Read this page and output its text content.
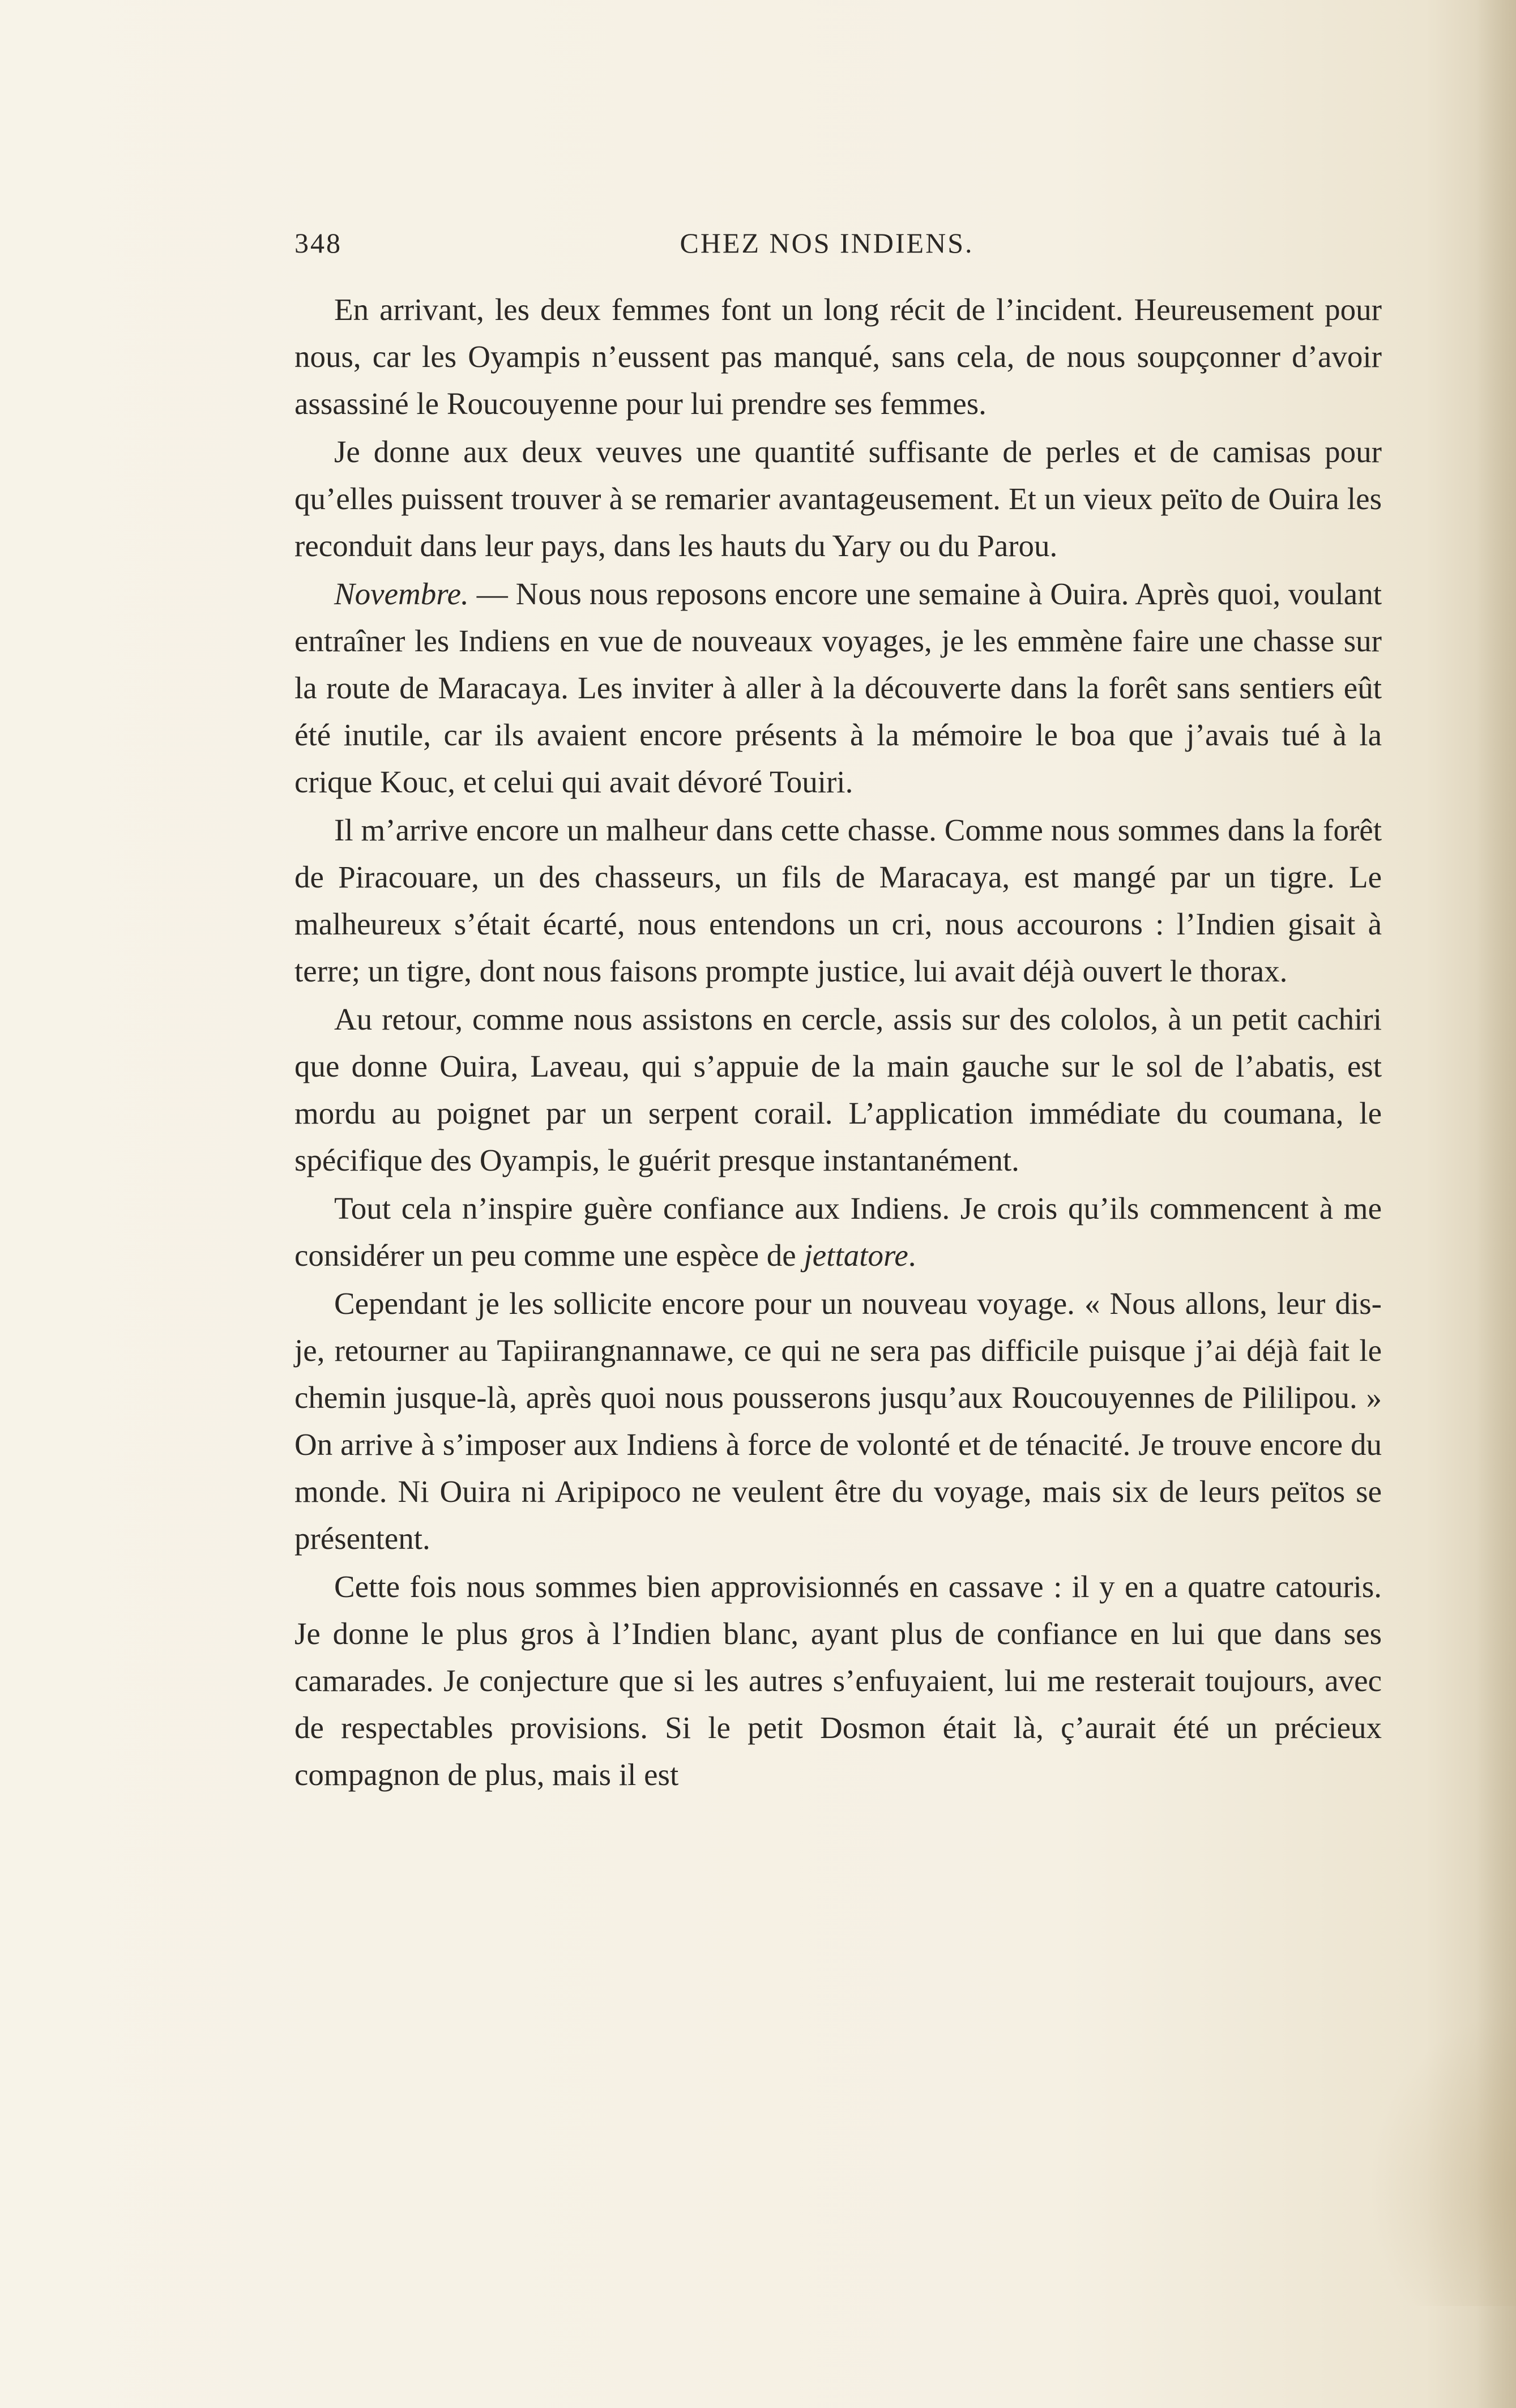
348	CHEZ NOS INDIENS.

En arrivant, les deux femmes font un long récit de l’incident. Heureusement pour nous, car les Oyampis n’eussent pas manqué, sans cela, de nous soupçonner d’avoir assassiné le Roucouyenne pour lui prendre ses femmes.

Je donne aux deux veuves une quantité suffisante de perles et de camisas pour qu’elles puissent trouver à se remarier avantageusement. Et un vieux peïto de Ouira les reconduit dans leur pays, dans les hauts du Yary ou du Parou.

Novembre. — Nous nous reposons encore une semaine à Ouira. Après quoi, voulant entraîner les Indiens en vue de nouveaux voyages, je les emmène faire une chasse sur la route de Maracaya. Les inviter à aller à la découverte dans la forêt sans sentiers eût été inutile, car ils avaient encore présents à la mémoire le boa que j’avais tué à la crique Kouc, et celui qui avait dévoré Touiri.

Il m’arrive encore un malheur dans cette chasse. Comme nous sommes dans la forêt de Piracouare, un des chasseurs, un fils de Maracaya, est mangé par un tigre. Le malheureux s’était écarté, nous entendons un cri, nous accourons : l’Indien gisait à terre; un tigre, dont nous faisons prompte justice, lui avait déjà ouvert le thorax.

Au retour, comme nous assistons en cercle, assis sur des cololos, à un petit cachiri que donne Ouira, Laveau, qui s’appuie de la main gauche sur le sol de l’abatis, est mordu au poignet par un serpent corail. L’application immédiate du coumana, le spécifique des Oyampis, le guérit presque instantanément.

Tout cela n’inspire guère confiance aux Indiens. Je crois qu’ils commencent à me considérer un peu comme une espèce de jettatore.

Cependant je les sollicite encore pour un nouveau voyage. « Nous allons, leur dis-je, retourner au Tapiirangnannawe, ce qui ne sera pas difficile puisque j’ai déjà fait le chemin jusque-là, après quoi nous pousserons jusqu’aux Roucouyennes de Pililipou. » On arrive à s’imposer aux Indiens à force de volonté et de ténacité. Je trouve encore du monde. Ni Ouira ni Aripipoco ne veulent être du voyage, mais six de leurs peïtos se présentent.

Cette fois nous sommes bien approvisionnés en cassave : il y en a quatre catouris. Je donne le plus gros à l’Indien blanc, ayant plus de confiance en lui que dans ses camarades. Je conjecture que si les autres s’enfuyaient, lui me resterait toujours, avec de respectables provisions. Si le petit Dosmon était là, ç’aurait été un précieux compagnon de plus, mais il est
